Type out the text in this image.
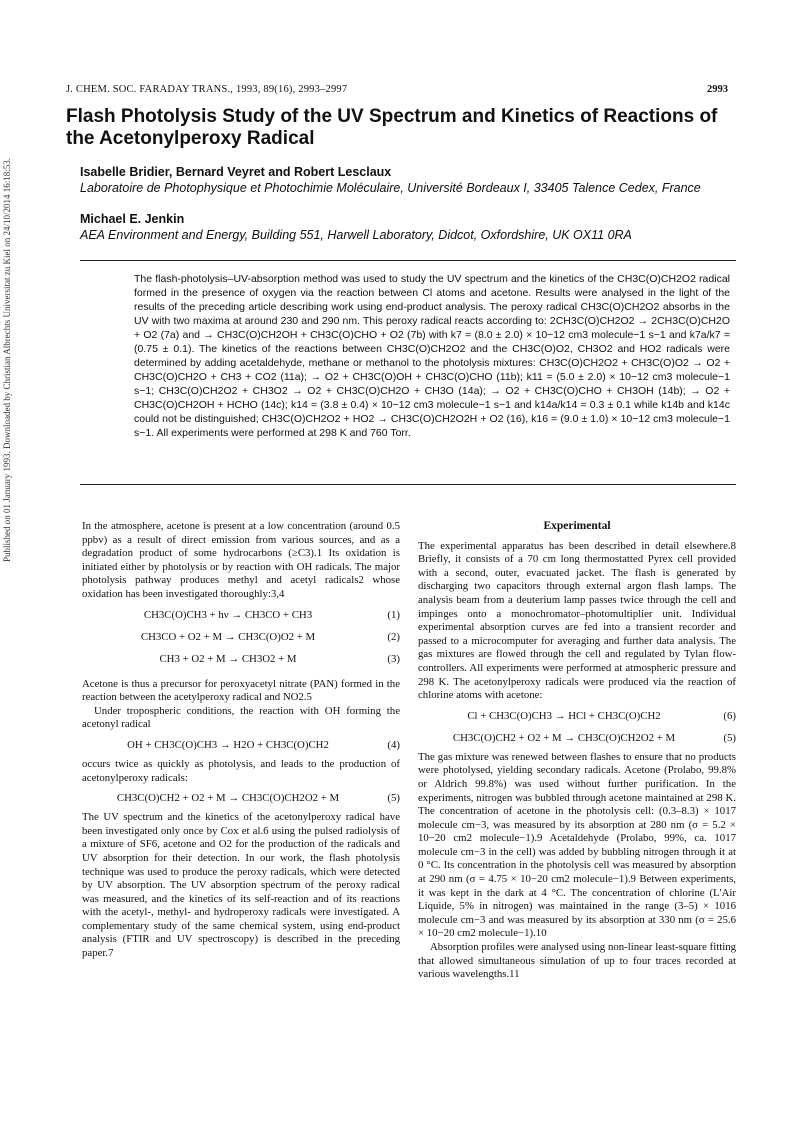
Published on 01 January 1993. Downloaded by Christian Albrechts Universitat zu Kiel on 24/10/2014 16:18:53.
J. CHEM. SOC. FARADAY TRANS., 1993, 89(16), 2993–2997	2993
Flash Photolysis Study of the UV Spectrum and Kinetics of Reactions of the Acetonylperoxy Radical
Isabelle Bridier, Bernard Veyret and Robert Lesclaux
Laboratoire de Photophysique et Photochimie Moléculaire, Université Bordeaux I, 33405 Talence Cedex, France
Michael E. Jenkin
AEA Environment and Energy, Building 551, Harwell Laboratory, Didcot, Oxfordshire, UK OX11 0RA

The flash-photolysis–UV-absorption method was used to study the UV spectrum and the kinetics of the CH3C(O)CH2O2 radical formed in the presence of oxygen via the reaction between Cl atoms and acetone. Results were analysed in the light of the results of the preceding article describing work using end-product analysis. The peroxy radical CH3C(O)CH2O2 absorbs in the UV with two maxima at around 230 and 290 nm. This peroxy radical reacts according to: 2CH3C(O)CH2O2 → 2CH3C(O)CH2O + O2 (7a) and → CH3C(O)CH2OH + CH3C(O)CHO + O2 (7b) with k7 = (8.0 ± 2.0) × 10−12 cm3 molecule−1 s−1 and k7a/k7 = (0.75 ± 0.1). The kinetics of the reactions between CH3C(O)CH2O2 and the CH3C(O)O2, CH3O2 and HO2 radicals were determined by adding acetaldehyde, methane or methanol to the photolysis mixtures: CH3C(O)CH2O2 + CH3C(O)O2 → O2 + CH3C(O)CH2O + CH3 + CO2 (11a); → O2 + CH3C(O)OH + CH3C(O)CHO (11b); k11 = (5.0 ± 2.0) × 10−12 cm3 molecule−1 s−1; CH3C(O)CH2O2 + CH3O2 → O2 + CH3C(O)CH2O + CH3O (14a); → O2 + CH3C(O)CHO + CH3OH (14b); → O2 + CH3C(O)CH2OH + HCHO (14c); k14 = (3.8 ± 0.4) × 10−12 cm3 molecule−1 s−1 and k14a/k14 = 0.3 ± 0.1 while k14b and k14c could not be distinguished; CH3C(O)CH2O2 + HO2 → CH3C(O)CH2O2H + O2 (16), k16 = (9.0 ± 1.0) × 10−12 cm3 molecule−1 s−1. All experiments were performed at 298 K and 760 Torr.

In the atmosphere, acetone is present at a low concentration (around 0.5 ppbv) as a result of direct emission from various sources, and as a degradation product of some hydrocarbons (≥C3).1 Its oxidation is initiated either by photolysis or by reaction with OH radicals. The major photolysis pathway produces methyl and acetyl radicals2 whose oxidation has been investigated thoroughly:3,4

CH3C(O)CH3 + hν → CH3CO + CH3	(1)
CH3CO + O2 + M → CH3C(O)O2 + M	(2)
CH3 + O2 + M → CH3O2 + M	(3)

Acetone is thus a precursor for peroxyacetyl nitrate (PAN) formed in the reaction between the acetylperoxy radical and NO2.5

Under tropospheric conditions, the reaction with OH forming the acetonyl radical

OH + CH3C(O)CH3 → H2O + CH3C(O)CH2	(4)

occurs twice as quickly as photolysis, and leads to the production of acetonylperoxy radicals:

CH3C(O)CH2 + O2 + M → CH3C(O)CH2O2 + M	(5)

The UV spectrum and the kinetics of the acetonylperoxy radical have been investigated only once by Cox et al.6 using the pulsed radiolysis of a mixture of SF6, acetone and O2 for the production of the radicals and UV absorption for their detection. In our work, the flash photolysis technique was used to produce the peroxy radicals, which were detected by UV absorption. The UV absorption spectrum of the peroxy radical was measured, and the kinetics of its self-reaction and of its reactions with the acetyl-, methyl- and hydroperoxy radicals were investigated. A complementary study of the same chemical system, using end-product analysis (FTIR and UV spectroscopy) is described in the preceding paper.7

Experimental

The experimental apparatus has been described in detail elsewhere.8 Briefly, it consists of a 70 cm long thermostatted Pyrex cell provided with a second, outer, evacuated jacket. The flash is generated by discharging two capacitors through external argon flash lamps. The analysis beam from a deuterium lamp passes twice through the cell and impinges onto a monochromator–photomultiplier unit. Individual experimental absorption curves are fed into a transient recorder and passed to a microcomputer for averaging and further data analysis. The gas mixtures are flowed through the cell and regulated by Tylan flow-controllers. All experiments were performed at atmospheric pressure and 298 K. The acetonylperoxy radicals were produced via the reaction of chlorine atoms with acetone:

Cl + CH3C(O)CH3 → HCl + CH3C(O)CH2	(6)
CH3C(O)CH2 + O2 + M → CH3C(O)CH2O2 + M	(5)

The gas mixture was renewed between flashes to ensure that no products were photolysed, yielding secondary radicals. Acetone (Prolabo, 99.8% or Aldrich 99.8%) was used without further purification. In the experiments, nitrogen was bubbled through acetone maintained at 298 K. The concentration of acetone in the photolysis cell: (0.3–8.3) × 1017 molecule cm−3, was measured by its absorption at 280 nm (σ = 5.2 × 10−20 cm2 molecule−1).9 Acetaldehyde (Prolabo, 99%, ca. 1017 molecule cm−3 in the cell) was added by bubbling nitrogen through it at 0 °C. Its concentration in the photolysis cell was measured by absorption at 290 nm (σ = 4.75 × 10−20 cm2 molecule−1).9 Between experiments, it was kept in the dark at 4 °C. The concentration of chlorine (L'Air Liquide, 5% in nitrogen) was maintained in the range (3–5) × 1016 molecule cm−3 and was measured by its absorption at 330 nm (σ = 25.6 × 10−20 cm2 molecule−1).10

Absorption profiles were analysed using non-linear least-square fitting that allowed simultaneous simulation of up to four traces recorded at various wavelengths.11
